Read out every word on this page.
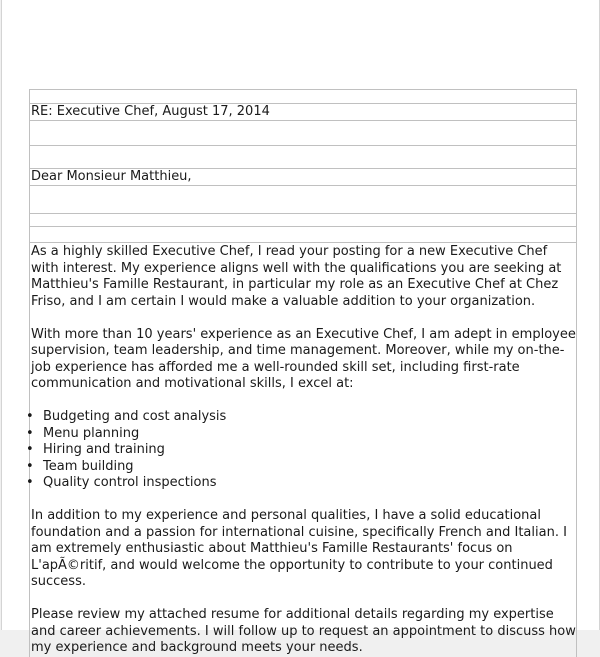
RE: Executive Chef, August 17, 2014
Dear Monsieur Matthieu,

As a highly skilled Executive Chef, I read your posting for a new Executive Chef with interest. My experience aligns well with the qualifications you are seeking at Matthieu's Famille Restaurant, in particular my role as an Executive Chef at Chez Friso, and I am certain I would make a valuable addition to your organization.

With more than 10 years' experience as an Executive Chef, I am adept in employee supervision, team leadership, and time management. Moreover, while my on-the-job experience has afforded me a well-rounded skill set, including first-rate communication and motivational skills, I excel at:

• Budgeting and cost analysis
• Menu planning
• Hiring and training
• Team building
• Quality control inspections

In addition to my experience and personal qualities, I have a solid educational foundation and a passion for international cuisine, specifically French and Italian. I am extremely enthusiastic about Matthieu's Famille Restaurants' focus on L'apÃ©ritif, and would welcome the opportunity to contribute to your continued success.

Please review my attached resume for additional details regarding my expertise and career achievements. I will follow up to request an appointment to discuss how my experience and background meets your needs.
